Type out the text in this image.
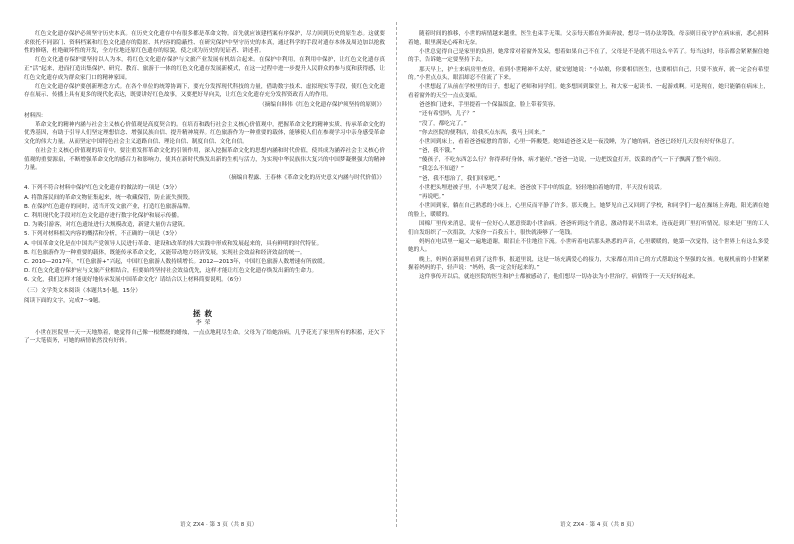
红色文化遗存保护必须坚守历史本真。在历史文化遗存中有很多都是革命文物。首先就应该建档案有序保护，尽力回到历史的原生态。这就要求依托不同部门、资料档案和红色文化遗存的隐匿、其内容的隐蔽性、在研究保护中坚守历史的本真，通过科学的手段对遗存本体及周边加以抢救性的修缮，杜绝破坏性的开发，全方位地还原红色遗存的原貌，使之成为历史的见证者、讲述者。
红色文化遗存保护要坚持以人为本，将红色文化遗存保护与文旅产业发展有机结合起来。在保护中利用，在利用中保护，让红色文化遗存真正“活”起来，进而打造出集保护、研究、教育、旅游于一体的红色文化遗存发展新模式，在这一过程中进一步提升人民群众的参与度和获得感，让红色文化遗存成为群众家门口的精神家园。
红色文化遗存保护要创新理念方式。在各个单位的统筹协调下，要充分发挥现代科技的力量，借助数字技术、虚拟现实等手段，使红色文化遗存在展示、传播上具有更多的现代化表达，既要讲好红色故事，又要把好导向关，让红色文化遗存充分发挥资政育人的作用。
（摘编自韩伟《红色文化遗存保护须坚持的原则》）
材料四：
革命文化的精神内涵与社会主义核心价值观是高度契合的。在培育和践行社会主义核心价值观中，把握革命文化的精神实质、传承革命文化的优秀基因，有助于引导人们坚定理想信念、增强民族自信、提升精神境界。红色旅游作为一种重要的载体，能够使人们在参观学习中亲身感受革命文化的伟大力量，从而坚定中国特色社会主义道路自信、理论自信、制度自信、文化自信。
在社会主义核心价值观的培育中，要注重发挥革命文化的引领作用，深入挖掘革命文化的思想内涵和时代价值，使其成为涵养社会主义核心价值观的重要源泉，不断增强革命文化的感召力和影响力，使其在新时代焕发出新的生机与活力，为实现中华民族伟大复兴的中国梦凝聚强大的精神力量。
（摘编自程露、王春林《革命文化的历史意义内涵与时代价值》）
4. 下列不符合材料中保护红色文化遗存的做法的一项是（3分）
A. 将散落民间的革命文物征集起来，统一收藏保管，防止流失损毁。
B. 在保护红色遗存的同时，适当开发文旅产业，打造红色旅游品牌。
C. 利用现代化手段对红色文化遗存进行数字化保护和展示传播。
D. 为吸引游客，对红色遗址进行大规模改造，新建大量仿古建筑。
5. 下列对材料相关内容的概括和分析，不正确的一项是（3分）
A. 中国革命文化是在中国共产党领导人民进行革命、建设和改革的伟大实践中形成和发展起来的，具有鲜明的时代特征。
B. 红色旅游作为一种重要的载体，既能传承革命文化，又能带动地方经济发展，实现社会效益和经济效益的统一。
C. 2010—2017年，“红色旅游+”兴起，中国红色旅游人数持续增长。2012—2013年，中国红色旅游人数增速有所放缓。
D. 红色文化遗存保护应与文旅产业相结合，但要始终坚持社会效益优先，这样才能让红色文化遗存焕发出新的生命力。
6. 文化，我们怎样才能更好地传承发展中国革命文化？请结合以上材料简要说明。（6分）
（三）文学类文本阅读（本题共3小题，15分）
阅读下面的文字，完成7～9题。
拯救
李荣
小世在医院里一天一天地熬着，她觉得自己像一根燃烧的蜡烛，一点点地耗尽生命。父母为了给她治病，几乎花光了家里所有的积蓄，还欠下了一大笔债务，可她的病情依然没有好转。
随着时间的推移，小世的病情越来越重，医生也束手无策。父亲每天都在外面奔波，想尽一切办法筹钱。母亲则日夜守护在病床前，悉心照料着她，眼里满是心疼和无奈。
小世总觉得自己是家里的负担，她常常对着窗外发呆，想着如果自己不在了，父母是不是就不用这么辛苦了。每当这时，母亲都会紧紧握住她的手，告诉她一定要坚持下去。
那天早上，护士来病房里查房，看到小世精神不太好，就安慰她说：“小姑娘，你要相信医生，也要相信自己，只要不放弃，就一定会有希望的。”小世点点头，眼泪却忍不住流了下来。
小世想起了从前在学校里的日子，想起了老师和同学们。她多想回到课堂上，和大家一起读书、一起游戏啊。可是现在，她只能躺在病床上，看着窗外的天空一点点变暗。
爸爸推门进来，手里提着一个保温饭盒，脸上带着笑容。
“还有希望吗，儿子？”
“没了，都吃完了。”
“你去医院的便利店，给我买点东西，我马上回来。”
小世回到床上，看着爸爸疲惫的背影，心里一阵酸楚。她知道爸爸又是一夜没睡，为了她的病，爸爸已经好几天没有好好休息了。
“爸，我不饿。”
“傻孩子，不吃东西怎么行？你得养好身体，病才能好。”爸爸一边说，一边把饭盒打开，饭菜的香气一下子飘满了整个病房。
“我怎么不知道？”
“爸，我不想治了，我们回家吧。”
小世把头埋进被子里，小声地哭了起来。爸爸放下手中的饭盒，轻轻地拍着她的背，半天没有说话。
“再说吧。”
小世回到家，躺在自己熟悉的小床上，心里反而平静了许多。那天晚上，她梦见自己又回到了学校，和同学们一起在操场上奔跑，阳光洒在她的脸上，暖暖的。
国棉厂里传来消息，说有一位好心人愿意资助小世治病。爸爸听到这个消息，激动得说不出话来，连夜赶到厂里打听情况。原来是厂里的工人们自发组织了一次捐款，大家你一百我五十，很快就凑够了一笔钱。
妈妈在电话里一遍又一遍地道谢，眼泪止不住地往下流。小世听着电话那头熟悉的声音，心里暖暖的，她第一次觉得，这个世界上有这么多爱她的人。
晚上，妈妈在新闻里看到了这件事，报道里说，这是一场充满爱心的接力，大家都在用自己的方式帮助这个坚强的女孩。电视机前的小世紧紧握着妈妈的手，轻声说：“妈妈，我一定会好起来的。”
这件事传开以后，就连医院的医生和护士都被感动了，他们想尽一切办法为小世治疗，病情终于一天天好转起来。
语文 ZX4 · 第 3 页（共 8 页）	语文 ZX4 · 第 4 页（共 8 页）
